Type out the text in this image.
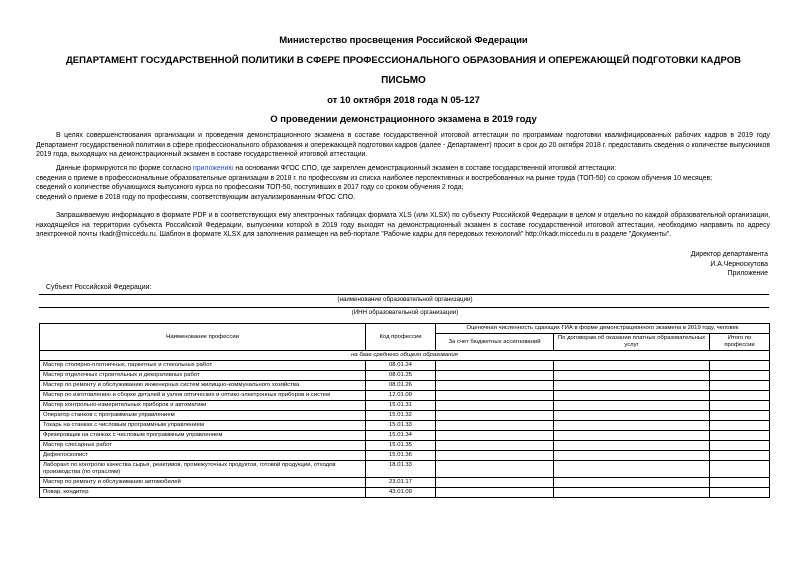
Министерство просвещения Российской Федерации
ДЕПАРТАМЕНТ ГОСУДАРСТВЕННОЙ ПОЛИТИКИ В СФЕРЕ ПРОФЕССИОНАЛЬНОГО ОБРАЗОВАНИЯ И ОПЕРЕЖАЮЩЕЙ ПОДГОТОВКИ КАДРОВ
ПИСЬМО
от 10 октября 2018 года N 05-127
О проведении демонстрационного экзамена в 2019 году
В целях совершенствования организации и проведения демонстрационного экзамена в составе государственной итоговой аттестации по программам подготовки квалифицированных рабочих кадров в 2019 году Департамент государственной политики в сфере профессионального образования и опережающей подготовки кадров (далее - Департамент) просит в срок до 20 октября 2018 г. предоставить сведения о количестве выпускников 2019 года, выходящих на демонстрационный экзамен в составе государственной итоговой аттестации.
Данные формируются по форме согласно приложению на основании ФГОС СПО, где закреплен демонстрационный экзамен в составе государственной итоговой аттестации:
сведения о приеме в профессиональные образовательные организации в 2018 г. по профессиям из списка наиболее перспективных и востребованных на рынке труда (ТОП-50) со сроком обучения 10 месяцев;
сведений о количестве обучающихся выпускного курса по профессиям ТОП-50, поступивших в 2017 году со сроком обучения 2 года;
сведений о приеме в 2018 году по профессиям, соответствующим актуализированным ФГОС СПО.
Запрашиваемую информацию в формате PDF и в соответствующих ему электронных таблицах формата XLS (или XLSX) по субъекту Российской Федерации в целом и отдельно по каждой образовательной организации, находящейся на территории субъекта Российской Федерации, выпускники которой в 2019 году выходят на демонстрационный экзамен в составе государственной итоговой аттестации, необходимо направить по адресу электронной почты rkadr@miccedu.ru. Шаблон в формате XLSX для заполнения размещен на веб-портале "Рабочие кадры для передовых технологий" http://rkadr.miccedu.ru в разделе "Документы".
Директор департамента
И.А.Черноскутова
Приложение
Субъект Российской Федерации:
(наименование образовательной организации)
(ИНН образовательной организации)
Наименование профессии	Код профессии	Оценочная численность сдающих ГИА в форме демонстрационного экзамена в 2019 году, человек		
		За счет бюджетных ассигнований	По договорам об оказании платных образовательных услуг	Итого по профессии
на базе среднего общего образования				
Мастер столярно-плотничных, паркетных и стекольных работ	08.01.24			
Мастер отделочных строительных и декоративных работ	08.01.25			
Мастер по ремонту и обслуживанию инженерных систем жилищно-коммунального хозяйства	08.01.26			
Мастер по изготовлению и сборке деталей и узлов оптических и оптико-электронных приборов и систем	12.01.09			
Мастер контрольно-измерительных приборов и автоматики	15.01.31			
Оператор станков с программным управлением	15.01.32			
Токарь на станках с числовым программным управлением	15.01.33			
Фрезеровщик на станках с числовым программным управлением	15.01.34			
Мастер слесарных работ	15.01.35			
Дефектоскопист	15.01.36			
Лаборант по контролю качества сырья, реактивов, промежуточных продуктов, готовой продукции, отходов производства (по отраслям)	18.01.33			
Мастер по ремонту и обслуживанию автомобилей	23.01.17			
Повар, кондитер	43.01.09			
